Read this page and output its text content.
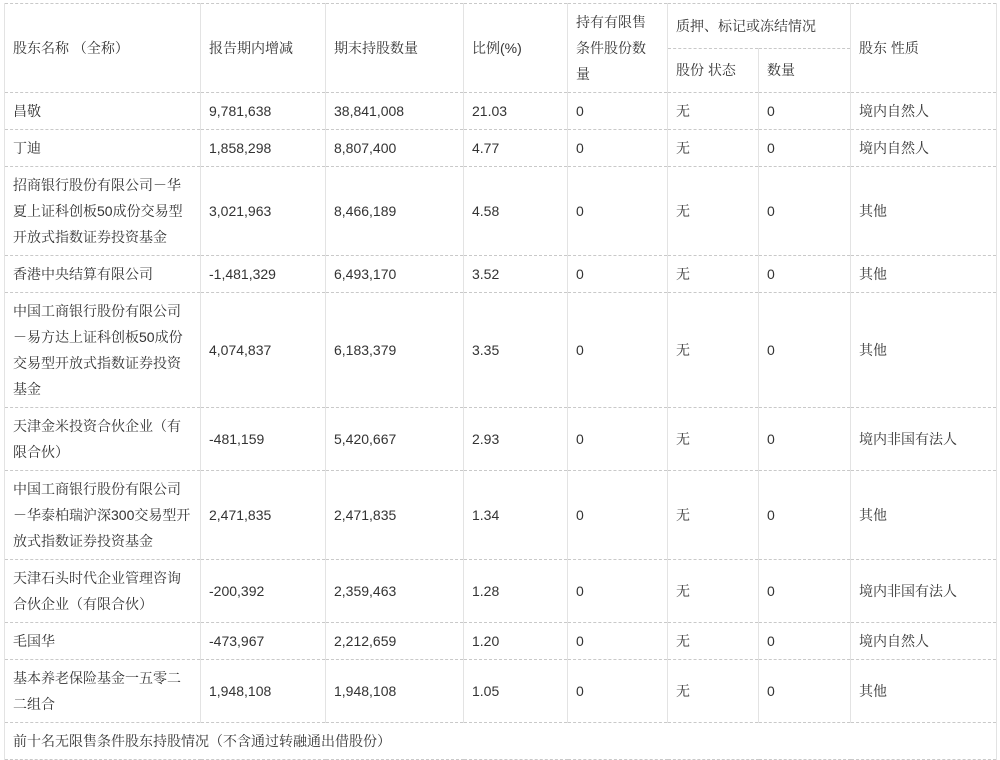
股东名称 （全称）	报告期内增减	期末持股数量	比例(%)	持有有限售条件股份数量	质押、标记或冻结情况		股东 性质
					股份 状态	数量	
昌敬	9,781,638	38,841,008	21.03	0	无	0	境内自然人
丁迪	1,858,298	8,807,400	4.77	0	无	0	境内自然人
招商银行股份有限公司－华夏上证科创板50成份交易型开放式指数证券投资基金	3,021,963	8,466,189	4.58	0	无	0	其他
香港中央结算有限公司	-1,481,329	6,493,170	3.52	0	无	0	其他
中国工商银行股份有限公司－易方达上证科创板50成份交易型开放式指数证券投资基金	4,074,837	6,183,379	3.35	0	无	0	其他
天津金米投资合伙企业（有限合伙）	-481,159	5,420,667	2.93	0	无	0	境内非国有法人
中国工商银行股份有限公司－华泰柏瑞沪深300交易型开放式指数证券投资基金	2,471,835	2,471,835	1.34	0	无	0	其他
天津石头时代企业管理咨询合伙企业（有限合伙）	-200,392	2,359,463	1.28	0	无	0	境内非国有法人
毛国华	-473,967	2,212,659	1.20	0	无	0	境内自然人
基本养老保险基金一五零二二组合	1,948,108	1,948,108	1.05	0	无	0	其他
前十名无限售条件股东持股情况（不含通过转融通出借股份）							
